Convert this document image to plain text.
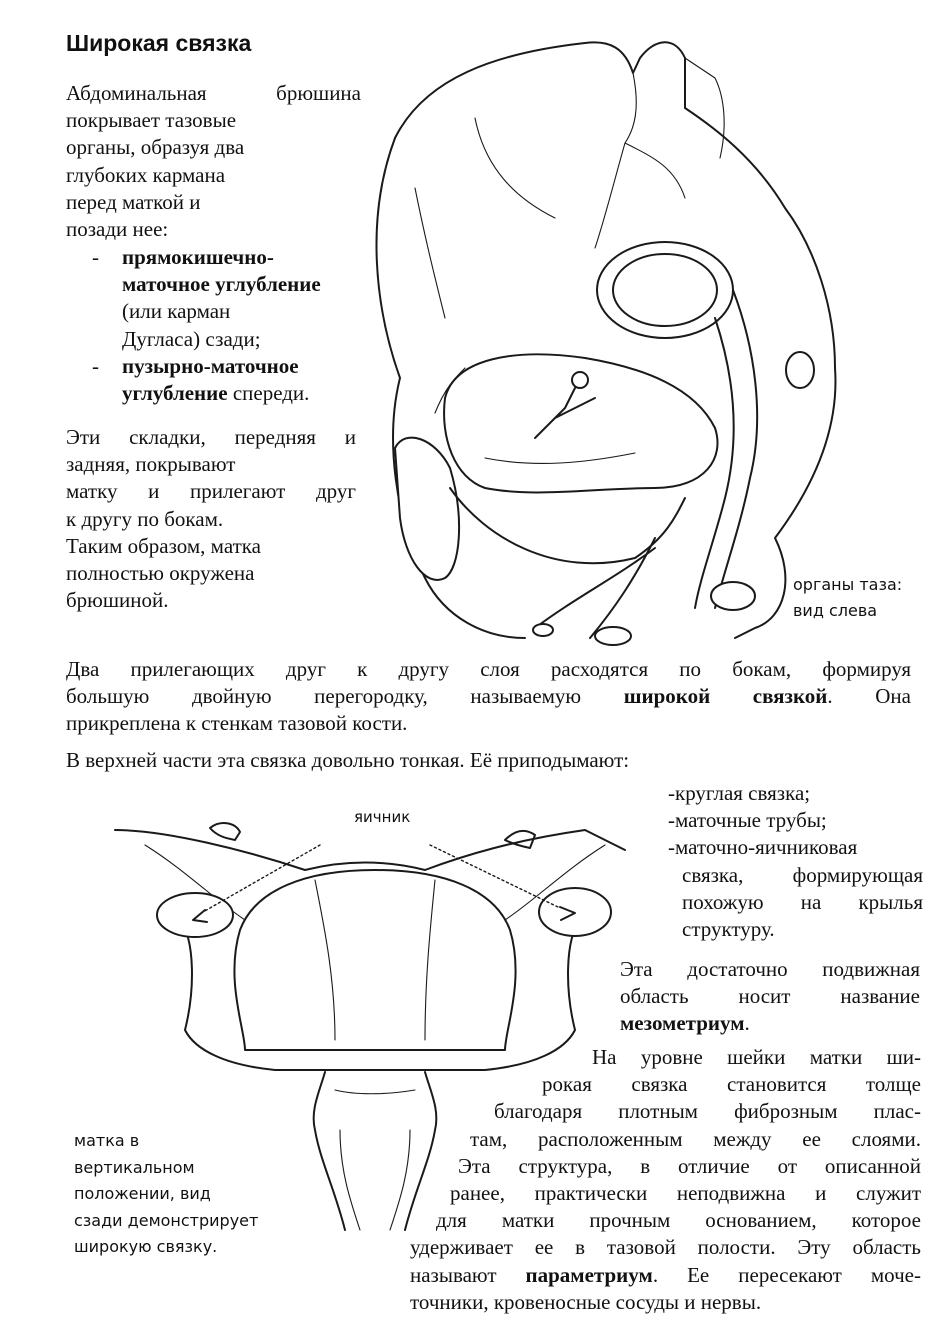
Широкая связка
Абдоминальная брюшина
покрывает тазовые
органы, образуя два
глубоких кармана
перед маткой и
позади нее:
-	прямокишечно-
маточное углубление
(или карман
Дугласа) сзади;
-	пузырно-маточное
углубление спереди.
Эти складки, передняя и
задняя, покрывают
матку и прилегают друг
к другу по бокам.
Таким образом, матка
полностью окружена
брюшиной.
органы таза:
вид слева
Два прилегающих друг к другу слоя расходятся по бокам, формируя
большую двойную перегородку, называемую широкой связкой. Она
прикреплена к стенкам тазовой кости.
В верхней части эта связка довольно тонкая. Её приподымают:
-круглая связка;
-маточные трубы;
-маточно-яичниковая
связка, формирующая
похожую на крылья
структуру.
яичник
Эта достаточно подвижная
область носит название
мезометриум.
На уровне шейки матки ши-
рокая связка становится толще
благодаря плотным фиброзным плас-
там, расположенным между ее слоями.
Эта структура, в отличие от описанной
ранее, практически неподвижна и служит
для матки прочным основанием, которое
удерживает ее в тазовой полости. Эту область
называют параметриум. Ее пересекают моче-
точники, кровеносные сосуды и нервы.
матка в
вертикальном
положении, вид
сзади демонстрирует
широкую связку.
